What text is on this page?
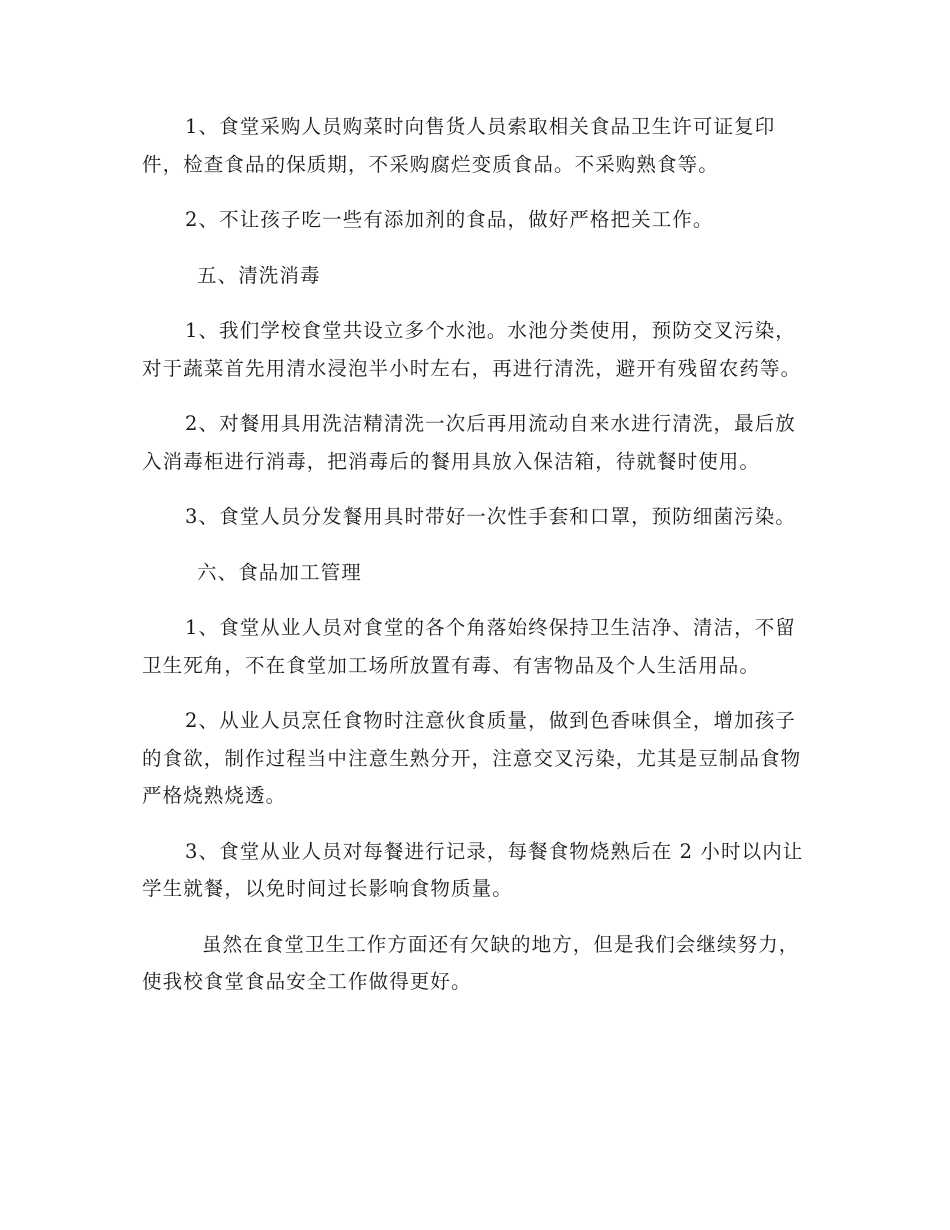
1、食堂采购人员购菜时向售货人员索取相关食品卫生许可证复印件，检查食品的保质期，不采购腐烂变质食品。不采购熟食等。

2、不让孩子吃一些有添加剂的食品，做好严格把关工作。

五、清洗消毒

1、我们学校食堂共设立多个水池。水池分类使用，预防交叉污染，对于蔬菜首先用清水浸泡半小时左右，再进行清洗，避开有残留农药等。

2、对餐用具用洗洁精清洗一次后再用流动自来水进行清洗，最后放入消毒柜进行消毒，把消毒后的餐用具放入保洁箱，待就餐时使用。

3、食堂人员分发餐用具时带好一次性手套和口罩，预防细菌污染。

六、食品加工管理

1、食堂从业人员对食堂的各个角落始终保持卫生洁净、清洁，不留卫生死角，不在食堂加工场所放置有毒、有害物品及个人生活用品。

2、从业人员烹任食物时注意伙食质量，做到色香味俱全，增加孩子的食欲，制作过程当中注意生熟分开，注意交叉污染，尤其是豆制品食物严格烧熟烧透。

3、食堂从业人员对每餐进行记录，每餐食物烧熟后在 2 小时以内让学生就餐，以免时间过长影响食物质量。

虽然在食堂卫生工作方面还有欠缺的地方，但是我们会继续努力，使我校食堂食品安全工作做得更好。
